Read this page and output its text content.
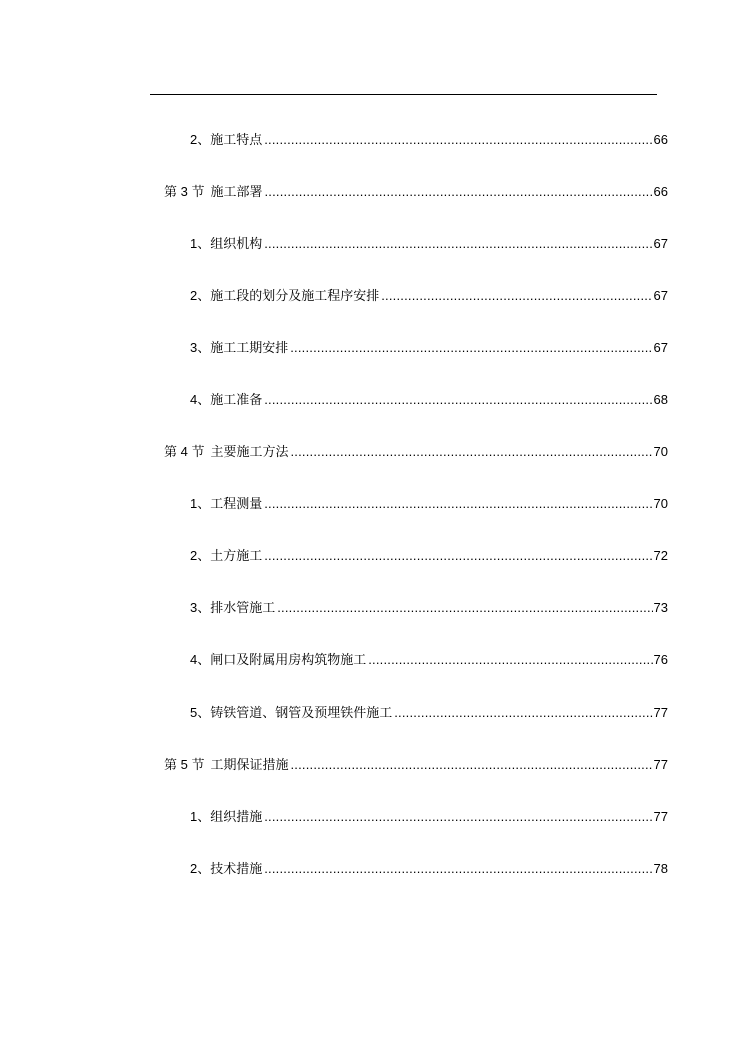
2、 施工特点 .....	66
第 3 节 施工部署 .....	66
1、 组织机构 .....	67
2、 施工段的划分及施工程序安排 .....	67
3、 施工工期安排 .....	67
4、 施工准备 .....	68
第 4 节 主要施工方法 .....	70
1、 工程测量 .....	70
2、 土方施工 .....	72
3、 排水管施工 .....	73
4、 闸口及附属用房构筑物施工 .....	76
5、 铸铁管道、钢管及预埋铁件施工 .....	77
第 5 节 工期保证措施 .....	77
1、 组织措施 .....	77
2、 技术措施 .....	78
